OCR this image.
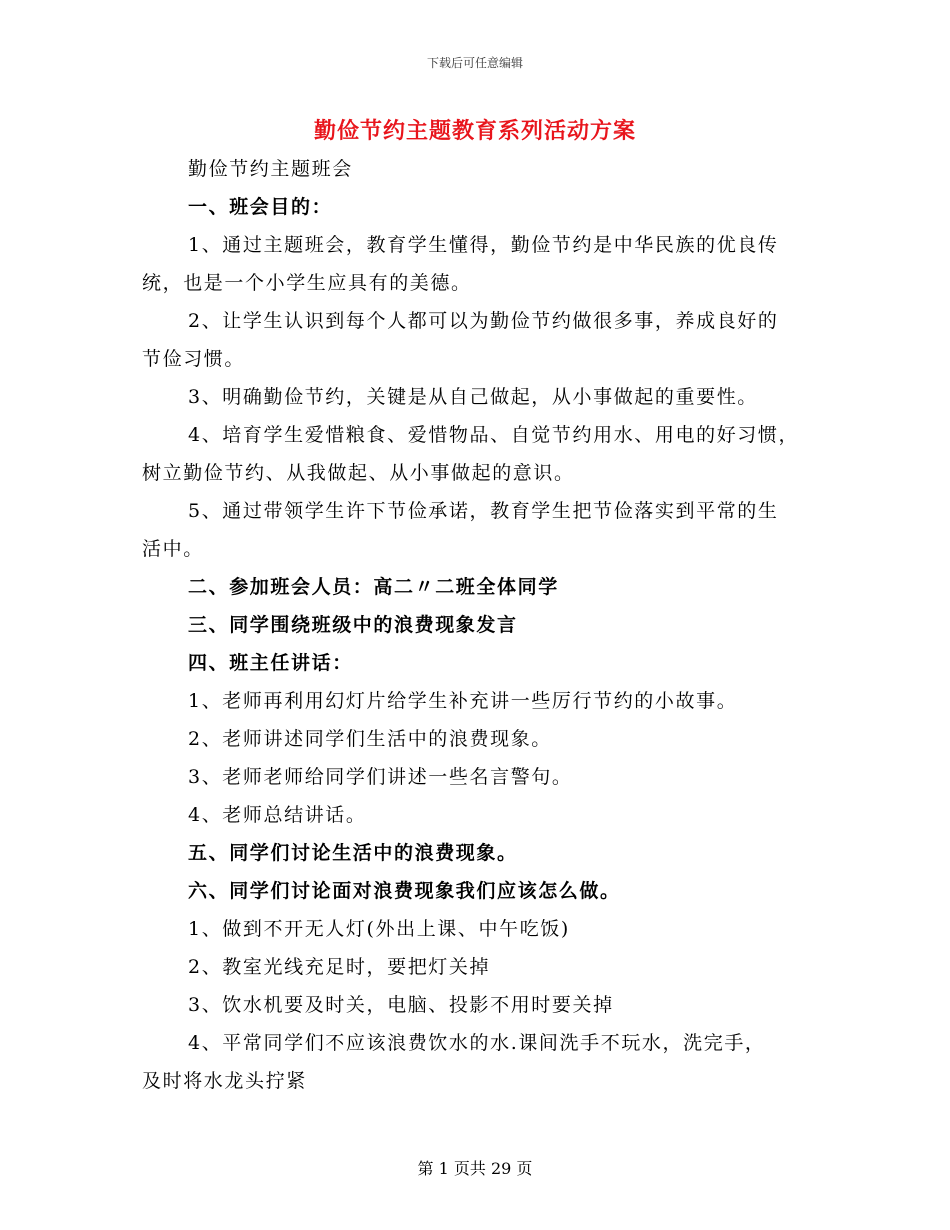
下载后可任意编辑
勤俭节约主题教育系列活动方案

勤俭节约主题班会

一、班会目的：

1、通过主题班会，教育学生懂得，勤俭节约是中华民族的优良传

统，也是一个小学生应具有的美德。

2、让学生认识到每个人都可以为勤俭节约做很多事，养成良好的

节俭习惯。

3、明确勤俭节约，关键是从自己做起，从小事做起的重要性。

4、培育学生爱惜粮食、爱惜物品、自觉节约用水、用电的好习惯，

树立勤俭节约、从我做起、从小事做起的意识。

5、通过带领学生许下节俭承诺，教育学生把节俭落实到平常的生

活中。

二、参加班会人员：高二〃二班全体同学

三、同学围绕班级中的浪费现象发言

四、班主任讲话：

1、老师再利用幻灯片给学生补充讲一些厉行节约的小故事。

2、老师讲述同学们生活中的浪费现象。

3、老师老师给同学们讲述一些名言警句。

4、老师总结讲话。

五、同学们讨论生活中的浪费现象。

六、同学们讨论面对浪费现象我们应该怎么做。

1、做到不开无人灯(外出上课、中午吃饭)

2、教室光线充足时，要把灯关掉

3、饮水机要及时关，电脑、投影不用时要关掉

4、平常同学们不应该浪费饮水的水.课间洗手不玩水，洗完手，

及时将水龙头拧紧

第 1 页共 29 页
